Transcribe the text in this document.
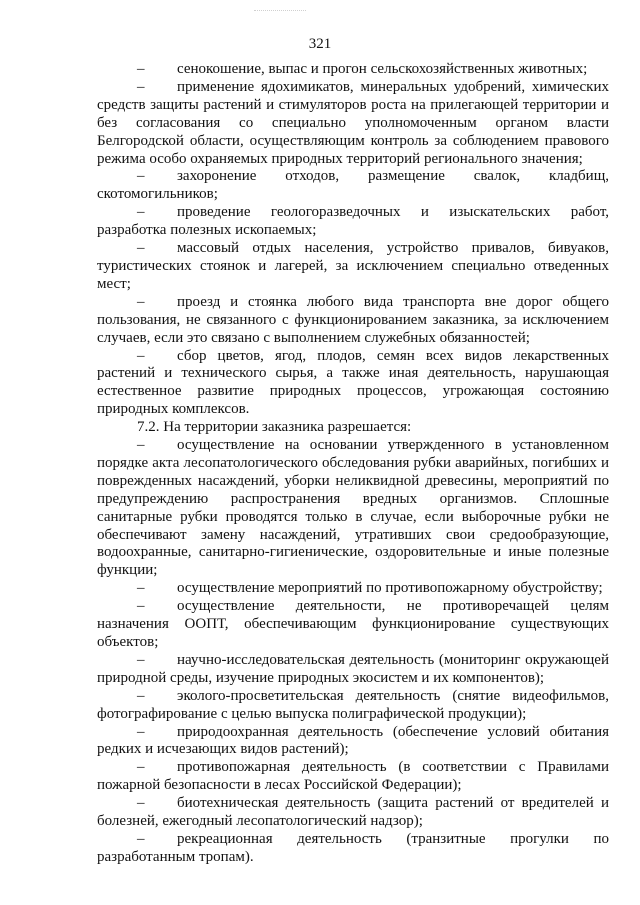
321

– сенокошение, выпас и прогон сельскохозяйственных животных;

– применение ядохимикатов, минеральных удобрений, химических средств защиты растений и стимуляторов роста на прилегающей территории и без согласования со специально уполномоченным органом власти Белгородской области, осуществляющим контроль за соблюдением правового режима особо охраняемых природных территорий регионального значения;

– захоронение отходов, размещение свалок, кладбищ, скотомогильников;

– проведение геологоразведочных и изыскательских работ, разработка полезных ископаемых;

– массовый отдых населения, устройство привалов, бивуаков, туристических стоянок и лагерей, за исключением специально отведенных мест;

– проезд и стоянка любого вида транспорта вне дорог общего пользования, не связанного с функционированием заказника, за исключением случаев, если это связано с выполнением служебных обязанностей;

– сбор цветов, ягод, плодов, семян всех видов лекарственных растений и технического сырья, а также иная деятельность, нарушающая естественное развитие природных процессов, угрожающая состоянию природных комплексов.

7.2. На территории заказника разрешается:

– осуществление на основании утвержденного в установленном порядке акта лесопатологического обследования рубки аварийных, погибших и поврежденных насаждений, уборки неликвидной древесины, мероприятий по предупреждению распространения вредных организмов. Сплошные санитарные рубки проводятся только в случае, если выборочные рубки не обеспечивают замену насаждений, утративших свои средообразующие, водоохранные, санитарно-гигиенические, оздоровительные и иные полезные функции;

– осуществление мероприятий по противопожарному обустройству;

– осуществление деятельности, не противоречащей целям назначения ООПТ, обеспечивающим функционирование существующих объектов;

– научно-исследовательская деятельность (мониторинг окружающей природной среды, изучение природных экосистем и их компонентов);

– эколого-просветительская деятельность (снятие видеофильмов, фотографирование с целью выпуска полиграфической продукции);

– природоохранная деятельность (обеспечение условий обитания редких и исчезающих видов растений);

– противопожарная деятельность (в соответствии с Правилами пожарной безопасности в лесах Российской Федерации);

– биотехническая деятельность (защита растений от вредителей и болезней, ежегодный лесопатологический надзор);

– рекреационная деятельность (транзитные прогулки по разработанным тропам).
